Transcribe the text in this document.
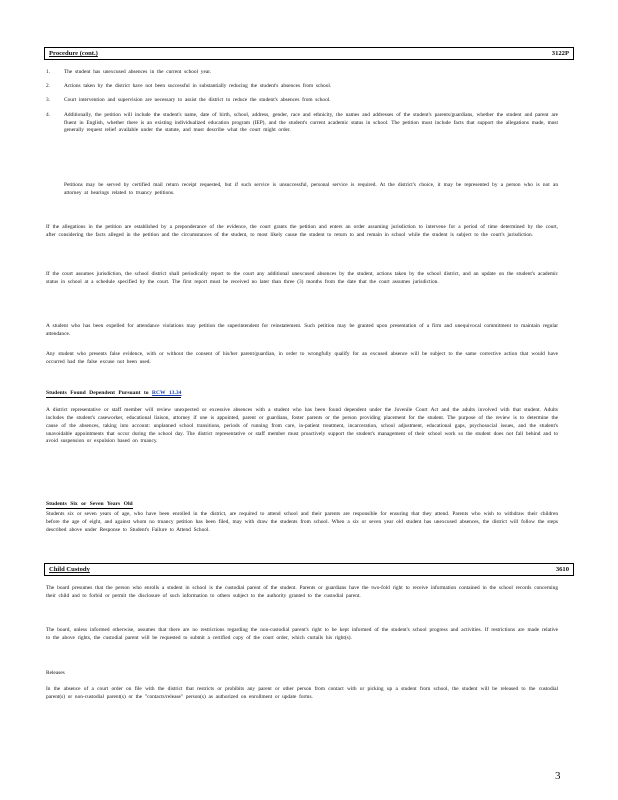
Procedure (cont.)	3122P
1.	The student has unexcused absences in the current school year.
2.	Actions taken by the district have not been successful in substantially reducing the student's absences from school.
3.	Court intervention and supervision are necessary to assist the district to reduce the student's absences from school.
4.	Additionally, the petition will include the student's name, date of birth, school, address, gender, race and ethnicity, the names and addresses of the student's parents/guardians, whether the student and parent are fluent in English, whether there is an existing individualized education program (IEP), and the student's current academic status in school. The petition must include facts that support the allegations made, must generally request relief available under the statute, and must describe what the court might order.

Petitions may be served by certified mail return receipt requested, but if such service is unsuccessful, personal service is required. At the district's choice, it may be represented by a person who is not an attorney at hearings related to truancy petitions.

If the allegations in the petition are established by a preponderance of the evidence, the court grants the petition and enters an order assuming jurisdiction to intervene for a period of time determined by the court, after considering the facts alleged in the petition and the circumstances of the student, to most likely cause the student to return to and remain in school while the student is subject to the court's jurisdiction.

If the court assumes jurisdiction, the school district shall periodically report to the court any additional unexcused absences by the student, actions taken by the school district, and an update on the student's academic status in school at a schedule specified by the court. The first report must be received no later than three (3) months from the date that the court assumes jurisdiction.

A student who has been expelled for attendance violations may petition the superintendent for reinstatement. Such petition may be granted upon presentation of a firm and unequivocal commitment to maintain regular attendance.

Any student who presents false evidence, with or without the consent of his/her parent/guardian, in order to wrongfully qualify for an excused absence will be subject to the same corrective action that would have occurred had the false excuse not been used.

Students Found Dependent Pursuant to RCW 13.34

A district representative or staff member will review unexpected or excessive absences with a student who has been found dependent under the Juvenile Court Act and the adults involved with that student. Adults includes the student's caseworker, educational liaison, attorney if one is appointed, parent or guardians, foster parents or the person providing placement for the student. The purpose of the review is to determine the cause of the absences, taking into account: unplanned school transitions, periods of running from care, in-patient treatment, incarceration, school adjustment, educational gaps, psychosocial issues, and the student's unavoidable appointments that occur during the school day. The district representative or staff member must proactively support the student's management of their school work so the student does not fall behind and to avoid suspension or expulsion based on truancy.

Students Six or Seven Years Old

Students six or seven years of age, who have been enrolled in the district, are required to attend school and their parents are responsible for ensuring that they attend. Parents who wish to withdraw their children before the age of eight, and against whom no truancy petition has been filed, may with draw the students from school. When a six or seven year old student has unexcused absences, the district will follow the steps described above under Response to Student's Failure to Attend School.

Child Custody	3610

The board presumes that the person who enrolls a student in school is the custodial parent of the student. Parents or guardians have the two-fold right to receive information contained in the school records concerning their child and to forbid or permit the disclosure of such information to others subject to the authority granted to the custodial parent.

The board, unless informed otherwise, assumes that there are no restrictions regarding the non-custodial parent's right to be kept informed of the student's school progress and activities. If restrictions are made relative to the above rights, the custodial parent will be requested to submit a certified copy of the court order, which curtails his right(s).

Releases

In the absence of a court order on file with the district that restricts or prohibits any parent or other person from contact with or picking up a student from school, the student will be released to the custodial parent(s) or non-custodial parent(s) or the "contacts/release" person(s) as authorized on enrollment or update forms.

3
